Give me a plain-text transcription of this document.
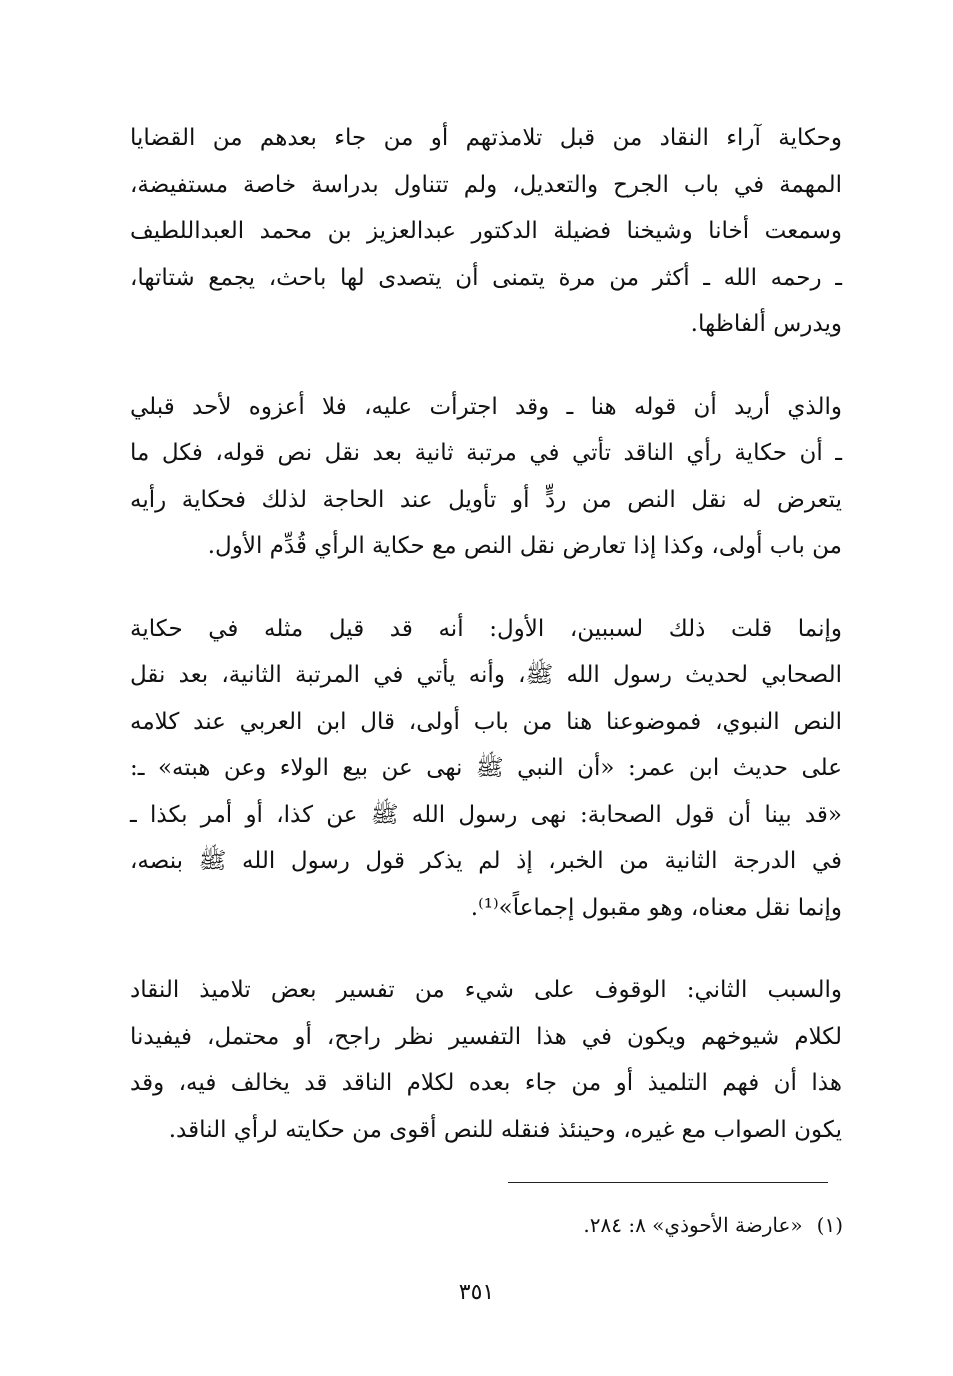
وحكاية آراء النقاد من قبل تلامذتهم أو من جاء بعدهم من القضايا
المهمة في باب الجرح والتعديل، ولم تتناول بدراسة خاصة مستفيضة،
وسمعت أخانا وشيخنا فضيلة الدكتور عبدالعزيز بن محمد العبداللطيف
ـ رحمه الله ـ أكثر من مرة يتمنى أن يتصدى لها باحث، يجمع شتاتها،
ويدرس ألفاظها.

والذي أريد أن قوله هنا ـ وقد اجترأت عليه، فلا أعزوه لأحد قبلي
ـ أن حكاية رأي الناقد تأتي في مرتبة ثانية بعد نقل نص قوله، فكل ما
يتعرض له نقل النص من ردٍّ أو تأويل عند الحاجة لذلك فحكاية رأيه
من باب أولى، وكذا إذا تعارض نقل النص مع حكاية الرأي قُدِّم الأول.

وإنما قلت ذلك لسببين، الأول: أنه قد قيل مثله في حكاية
الصحابي لحديث رسول الله ﷺ، وأنه يأتي في المرتبة الثانية، بعد نقل
النص النبوي، فموضوعنا هنا من باب أولى، قال ابن العربي عند كلامه
على حديث ابن عمر: «أن النبي ﷺ نهى عن بيع الولاء وعن هبته» ـ:
«قد بينا أن قول الصحابة: نهى رسول الله ﷺ عن كذا، أو أمر بكذا ـ
في الدرجة الثانية من الخبر، إذ لم يذكر قول رسول الله ﷺ بنصه،
وإنما نقل معناه، وهو مقبول إجماعاً»⁽¹⁾.

والسبب الثاني: الوقوف على شيء من تفسير بعض تلاميذ النقاد
لكلام شيوخهم ويكون في هذا التفسير نظر راجح، أو محتمل، فيفيدنا
هذا أن فهم التلميذ أو من جاء بعده لكلام الناقد قد يخالف فيه، وقد
يكون الصواب مع غيره، وحينئذ فنقله للنص أقوى من حكايته لرأي الناقد.

(١)«عارضة الأحوذي» ٨: ٢٨٤.
٣٥١
